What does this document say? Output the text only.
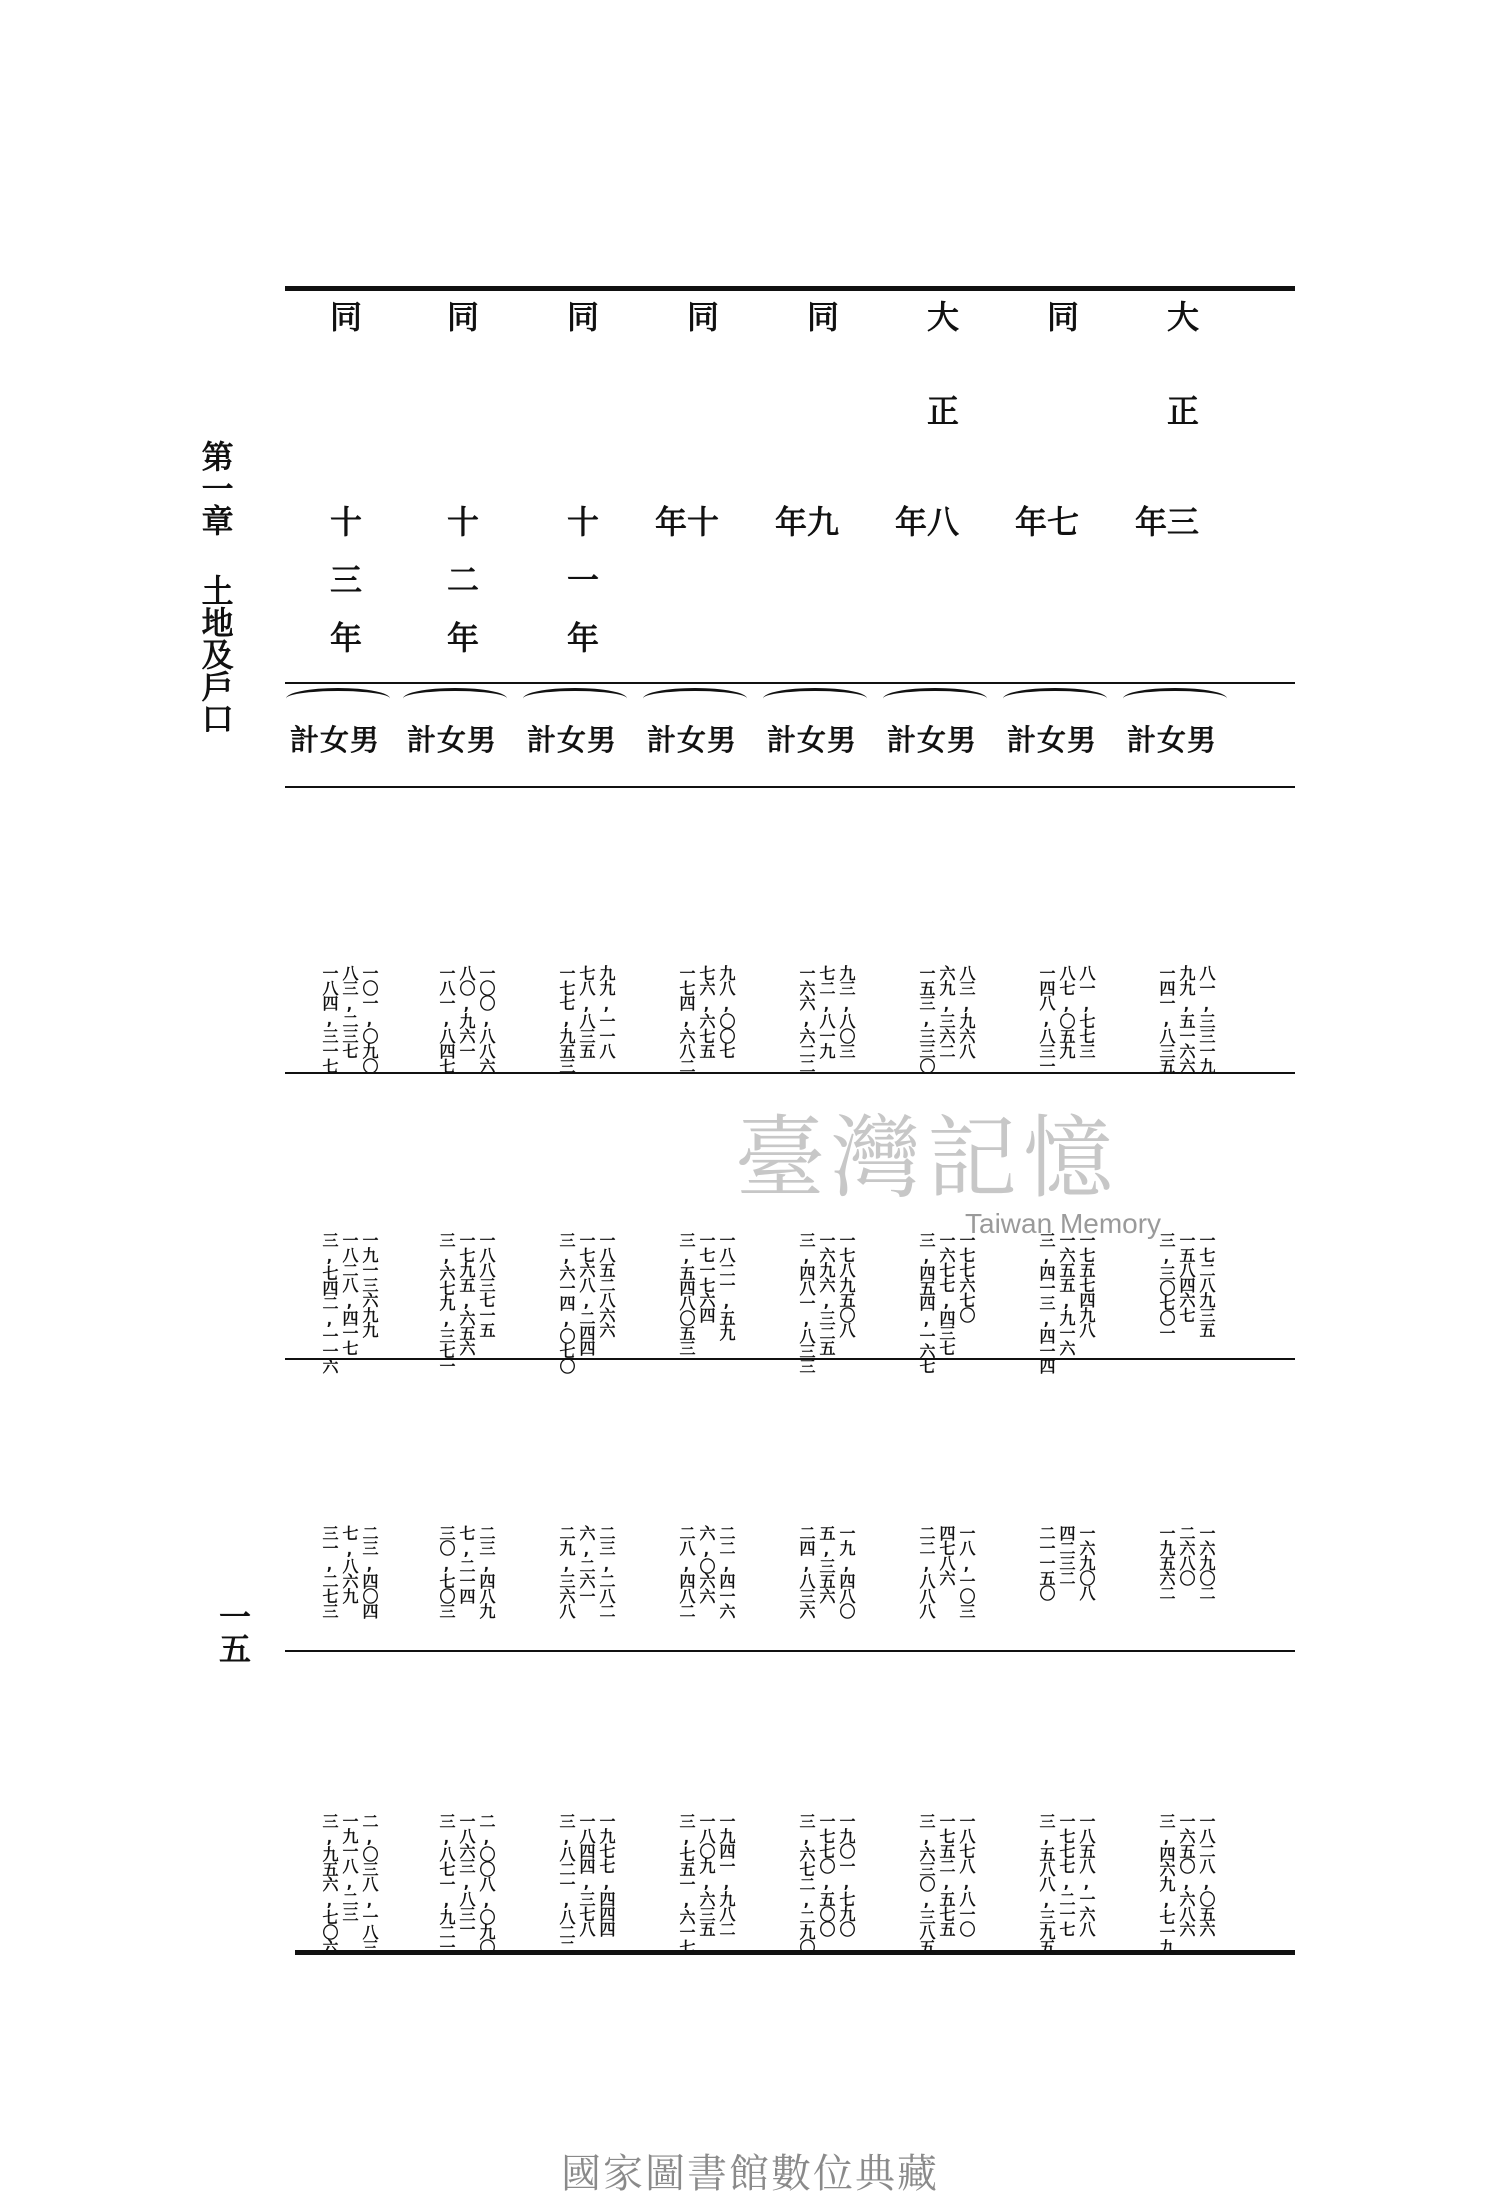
第一章 土地及戶口
一五
大正
三年
計女男
八一,三三一九
九九,五一六六
一四一,八三五
一七二八九三五
一五八四六七
三,三〇七〇一
一六九〇二
二六八〇
一九五六二
一八二八,〇五六
一六五〇,六八六
三,四六九,七一九
同
七年
計女男
八一,七七三
八七,〇五九
一四八,八三一
一七五七四九八
一六五五,九一六
三,四一三,四一四
一六九〇八
四二三二
二一一五〇
一八五八,一六八
一七七七,二一七
三,五八八,三九五
大正
八年
計女男
八三,九六八
六九,三六二
一五三,三三〇
一七七六七〇
一六七七,四三七
三,四五四,一六七
一八,一〇三
四七八六
二二,八八八
一八七八,八一〇
一七五二,五七五
三,六三〇,三八五
同
九年
計女男
九三,八〇三
七二,八一九
一六六,六二二
一七八九五〇八
一六九六,三二五
三,四八一,八三三
一九,四八〇
五,三五六
二四,八三六
一九〇一,七九〇
一七七〇,五〇〇
三,六七二,二九〇
同
十年
計女男
九八,〇〇七
七六,六七五
一七四,六八二
一八二一,五九
一七一七六四
三,五四八〇五三
二二,四一六
六,〇六六
二八,四八二
一九四一,九八二
一八〇九,六三五
三,七五一,六一七
同
十一年
計女男
九九,一一八
七八,八三五
一七七,九五三
一八五二八六六
一七六八,二四四
三,六一四,〇七〇
二三,二八二
六,二六一
二九,三六八
一九七七,四四四
一八四四,三七八
三,八二一,八二二
同
十二年
計女男
一〇〇,八八六
八〇,九六一
一八一,八四七
一八八三七一五
一七九五,六五六
三,六七九,三七一
二三,四八九
七,二一四
三〇,七〇三
二,〇〇八,〇九〇
一八六三,八三一
三,八七一,九二一
同
十三年
計女男
一〇一,〇九〇
八三,二三七
一八四,三一七
一九一三六九九
一八二八,四一七
三,七四二,一一六
二三,四〇四
七,八六九
三一,二七三
二,〇三八,一八三
一九一八,二三
三,九五六,七〇六
臺灣記憶
Taiwan Memory
國家圖書館數位典藏
